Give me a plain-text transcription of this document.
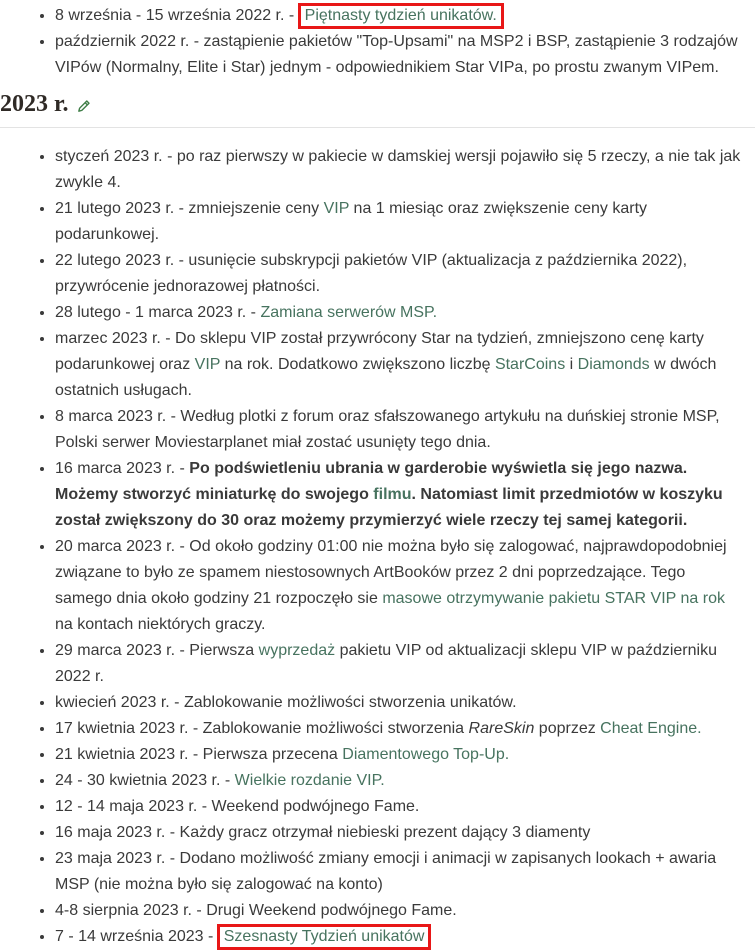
• 8 września - 15 września 2022 r. - Piętnasty tydzień unikatów.
• październik 2022 r. - zastąpienie pakietów "Top-Upsami" na MSP2 i BSP, zastąpienie 3 rodzajów VIPów (Normalny, Elite i Star) jednym - odpowiednikiem Star VIPa, po prostu zwanym VIPem.
2023 r.
• styczeń 2023 r. - po raz pierwszy w pakiecie w damskiej wersji pojawiło się 5 rzeczy, a nie tak jak zwykle 4.
• 21 lutego 2023 r. - zmniejszenie ceny VIP na 1 miesiąc oraz zwiększenie ceny karty podarunkowej.
• 22 lutego 2023 r. - usunięcie subskrypcji pakietów VIP (aktualizacja z października 2022), przywrócenie jednorazowej płatności.
• 28 lutego - 1 marca 2023 r. - Zamiana serwerów MSP.
• marzec 2023 r. - Do sklepu VIP został przywrócony Star na tydzień, zmniejszono cenę karty podarunkowej oraz VIP na rok. Dodatkowo zwiększono liczbę StarCoins i Diamonds w dwóch ostatnich usługach.
• 8 marca 2023 r. - Według plotki z forum oraz sfałszowanego artykułu na duńskiej stronie MSP, Polski serwer Moviestarplanet miał zostać usunięty tego dnia.
• 16 marca 2023 r. - Po podświetleniu ubrania w garderobie wyświetla się jego nazwa. Możemy stworzyć miniaturkę do swojego filmu. Natomiast limit przedmiotów w koszyku został zwiększony do 30 oraz możemy przymierzyć wiele rzeczy tej samej kategorii.
• 20 marca 2023 r. - Od około godziny 01:00 nie można było się zalogować, najprawdopodobniej związane to było ze spamem niestosownych ArtBooków przez 2 dni poprzedzające. Tego samego dnia około godziny 21 rozpoczęło sie masowe otrzymywanie pakietu STAR VIP na rok na kontach niektórych graczy.
• 29 marca 2023 r. - Pierwsza wyprzedaż pakietu VIP od aktualizacji sklepu VIP w październiku 2022 r.
• kwiecień 2023 r. - Zablokowanie możliwości stworzenia unikatów.
• 17 kwietnia 2023 r. - Zablokowanie możliwości stworzenia RareSkin poprzez Cheat Engine.
• 21 kwietnia 2023 r. - Pierwsza przecena Diamentowego Top-Up.
• 24 - 30 kwietnia 2023 r. - Wielkie rozdanie VIP.
• 12 - 14 maja 2023 r. - Weekend podwójnego Fame.
• 16 maja 2023 r. - Każdy gracz otrzymał niebieski prezent dający 3 diamenty
• 23 maja 2023 r. - Dodano możliwość zmiany emocji i animacji w zapisanych lookach + awaria MSP (nie można było się zalogować na konto)
• 4-8 sierpnia 2023 r. - Drugi Weekend podwójnego Fame.
• 7 - 14 września 2023 - Szesnasty Tydzień unikatów
